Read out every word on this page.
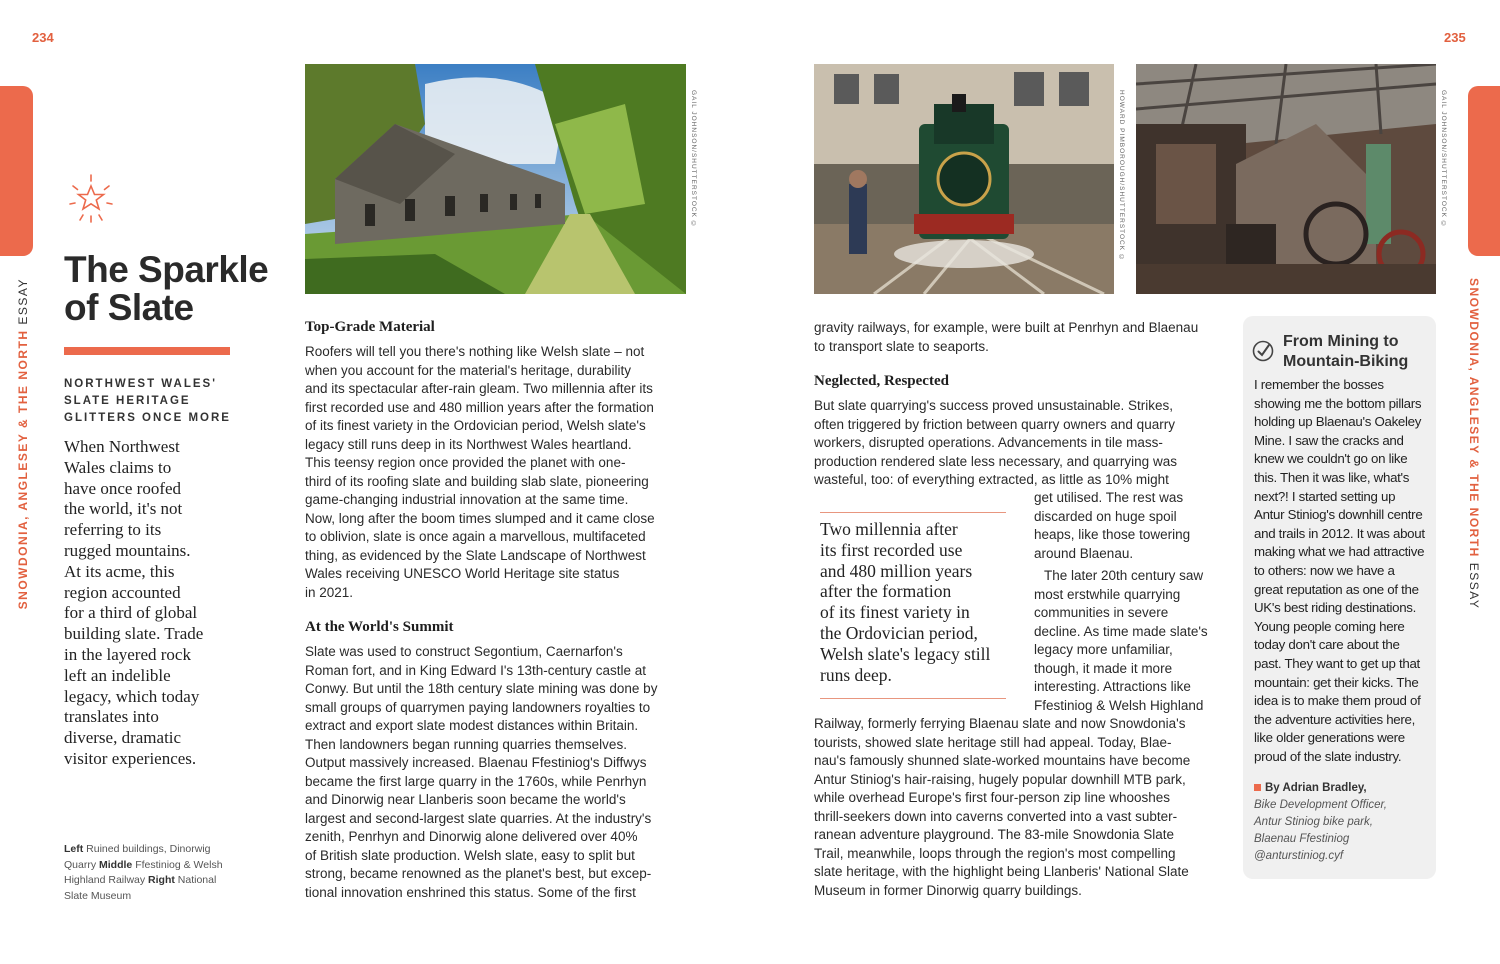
234	235
SNOWDONIA, ANGLESEY & THE NORTH ESSAY	SNOWDONIA, ANGLESEY & THE NORTH ESSAY
The Sparkle
of Slate
NORTHWEST WALES'
SLATE HERITAGE
GLITTERS ONCE MORE
When Northwest
Wales claims to
have once roofed
the world, it's not
referring to its
rugged mountains.
At its acme, this
region accounted
for a third of global
building slate. Trade
in the layered rock
left an indelible
legacy, which today
translates into
diverse, dramatic
visitor experiences.
Left Ruined buildings, Dinorwig Quarry Middle Ffestiniog & Welsh Highland Railway Right National Slate Museum
GAIL JOHNSON/SHUTTERSTOCK ©	HOWARD PIMBOROUGH/SHUTTERSTOCK ©	GAIL JOHNSON/SHUTTERSTOCK ©
Top-Grade Material
Roofers will tell you there's nothing like Welsh slate – not
when you account for the material's heritage, durability
and its spectacular after-rain gleam. Two millennia after its
first recorded use and 480 million years after the formation
of its finest variety in the Ordovician period, Welsh slate's
legacy still runs deep in its Northwest Wales heartland.
This teensy region once provided the planet with one-
third of its roofing slate and building slab slate, pioneering
game-changing industrial innovation at the same time.
Now, long after the boom times slumped and it came close
to oblivion, slate is once again a marvellous, multifaceted
thing, as evidenced by the Slate Landscape of Northwest
Wales receiving UNESCO World Heritage site status
in 2021.
At the World's Summit
Slate was used to construct Segontium, Caernarfon's
Roman fort, and in King Edward I's 13th-century castle at
Conwy. But until the 18th century slate mining was done by
small groups of quarrymen paying landowners royalties to
extract and export slate modest distances within Britain.
Then landowners began running quarries themselves.
Output massively increased. Blaenau Ffestiniog's Diffwys
became the first large quarry in the 1760s, while Penrhyn
and Dinorwig near Llanberis soon became the world's
largest and second-largest slate quarries. At the industry's
zenith, Penrhyn and Dinorwig alone delivered over 40%
of British slate production. Welsh slate, easy to split but
strong, became renowned as the planet's best, but excep-
tional innovation enshrined this status. Some of the first
gravity railways, for example, were built at Penrhyn and Blaenau
to transport slate to seaports.
Neglected, Respected
But slate quarrying's success proved unsustainable. Strikes,
often triggered by friction between quarry owners and quarry
workers, disrupted operations. Advancements in tile mass-
production rendered slate less necessary, and quarrying was
wasteful, too: of everything extracted, as little as 10% might
get utilised. The rest was
discarded on huge spoil
heaps, like those towering
around Blaenau.
The later 20th century saw
most erstwhile quarrying
communities in severe
decline. As time made slate's
legacy more unfamiliar,
though, it made it more
interesting. Attractions like
Ffestiniog & Welsh Highland
Railway, formerly ferrying Blaenau slate and now Snowdonia's
tourists, showed slate heritage still had appeal. Today, Blae-
nau's famously shunned slate-worked mountains have become
Antur Stiniog's hair-raising, hugely popular downhill MTB park,
while overhead Europe's first four-person zip line whooshes
thrill-seekers down into caverns converted into a vast subter-
ranean adventure playground. The 83-mile Snowdonia Slate
Trail, meanwhile, loops through the region's most compelling
slate heritage, with the highlight being Llanberis' National Slate
Museum in former Dinorwig quarry buildings.
Two millennia after
its first recorded use
and 480 million years
after the formation
of its finest variety in
the Ordovician period,
Welsh slate's legacy still
runs deep.
From Mining to
Mountain-Biking
I remember the bosses
showing me the bottom pillars
holding up Blaenau's Oakeley
Mine. I saw the cracks and
knew we couldn't go on like
this. Then it was like, what's
next?! I started setting up
Antur Stiniog's downhill centre
and trails in 2012. It was about
making what we had attractive
to others: now we have a
great reputation as one of the
UK's best riding destinations.
Young people coming here
today don't care about the
past. They want to get up that
mountain: get their kicks. The
idea is to make them proud of
the adventure activities here,
like older generations were
proud of the slate industry.
By Adrian Bradley,
Bike Development Officer,
Antur Stiniog bike park,
Blaenau Ffestiniog
@anturstiniog.cyf
